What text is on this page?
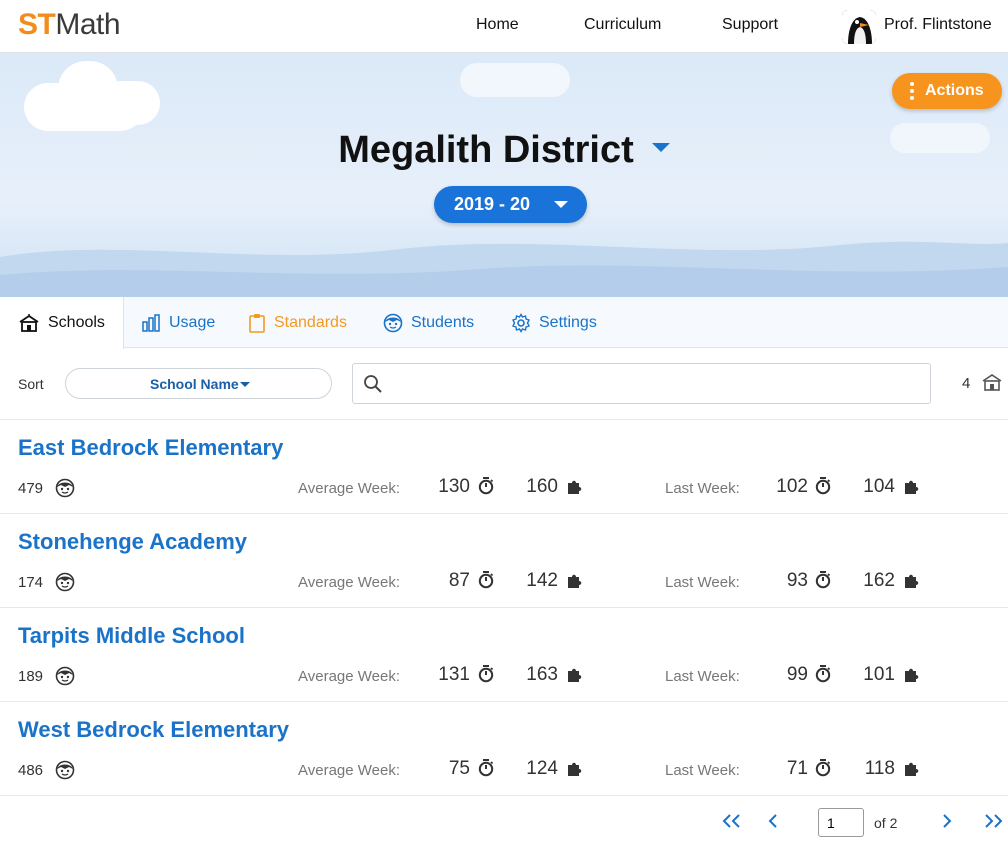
STMath	Home	Curriculum	Support	Prof. Flintstone
Megalith District
2019 - 20
Actions
Schools	Usage	Standards	Students	Settings
Sort	School Name	4
East Bedrock Elementary
479	Average Week:	130	160	Last Week:	102	104
Stonehenge Academy
174	Average Week:	87	142	Last Week:	93	162
Tarpits Middle School
189	Average Week:	131	163	Last Week:	99	101
West Bedrock Elementary
486	Average Week:	75	124	Last Week:	71	118
1
of 2
